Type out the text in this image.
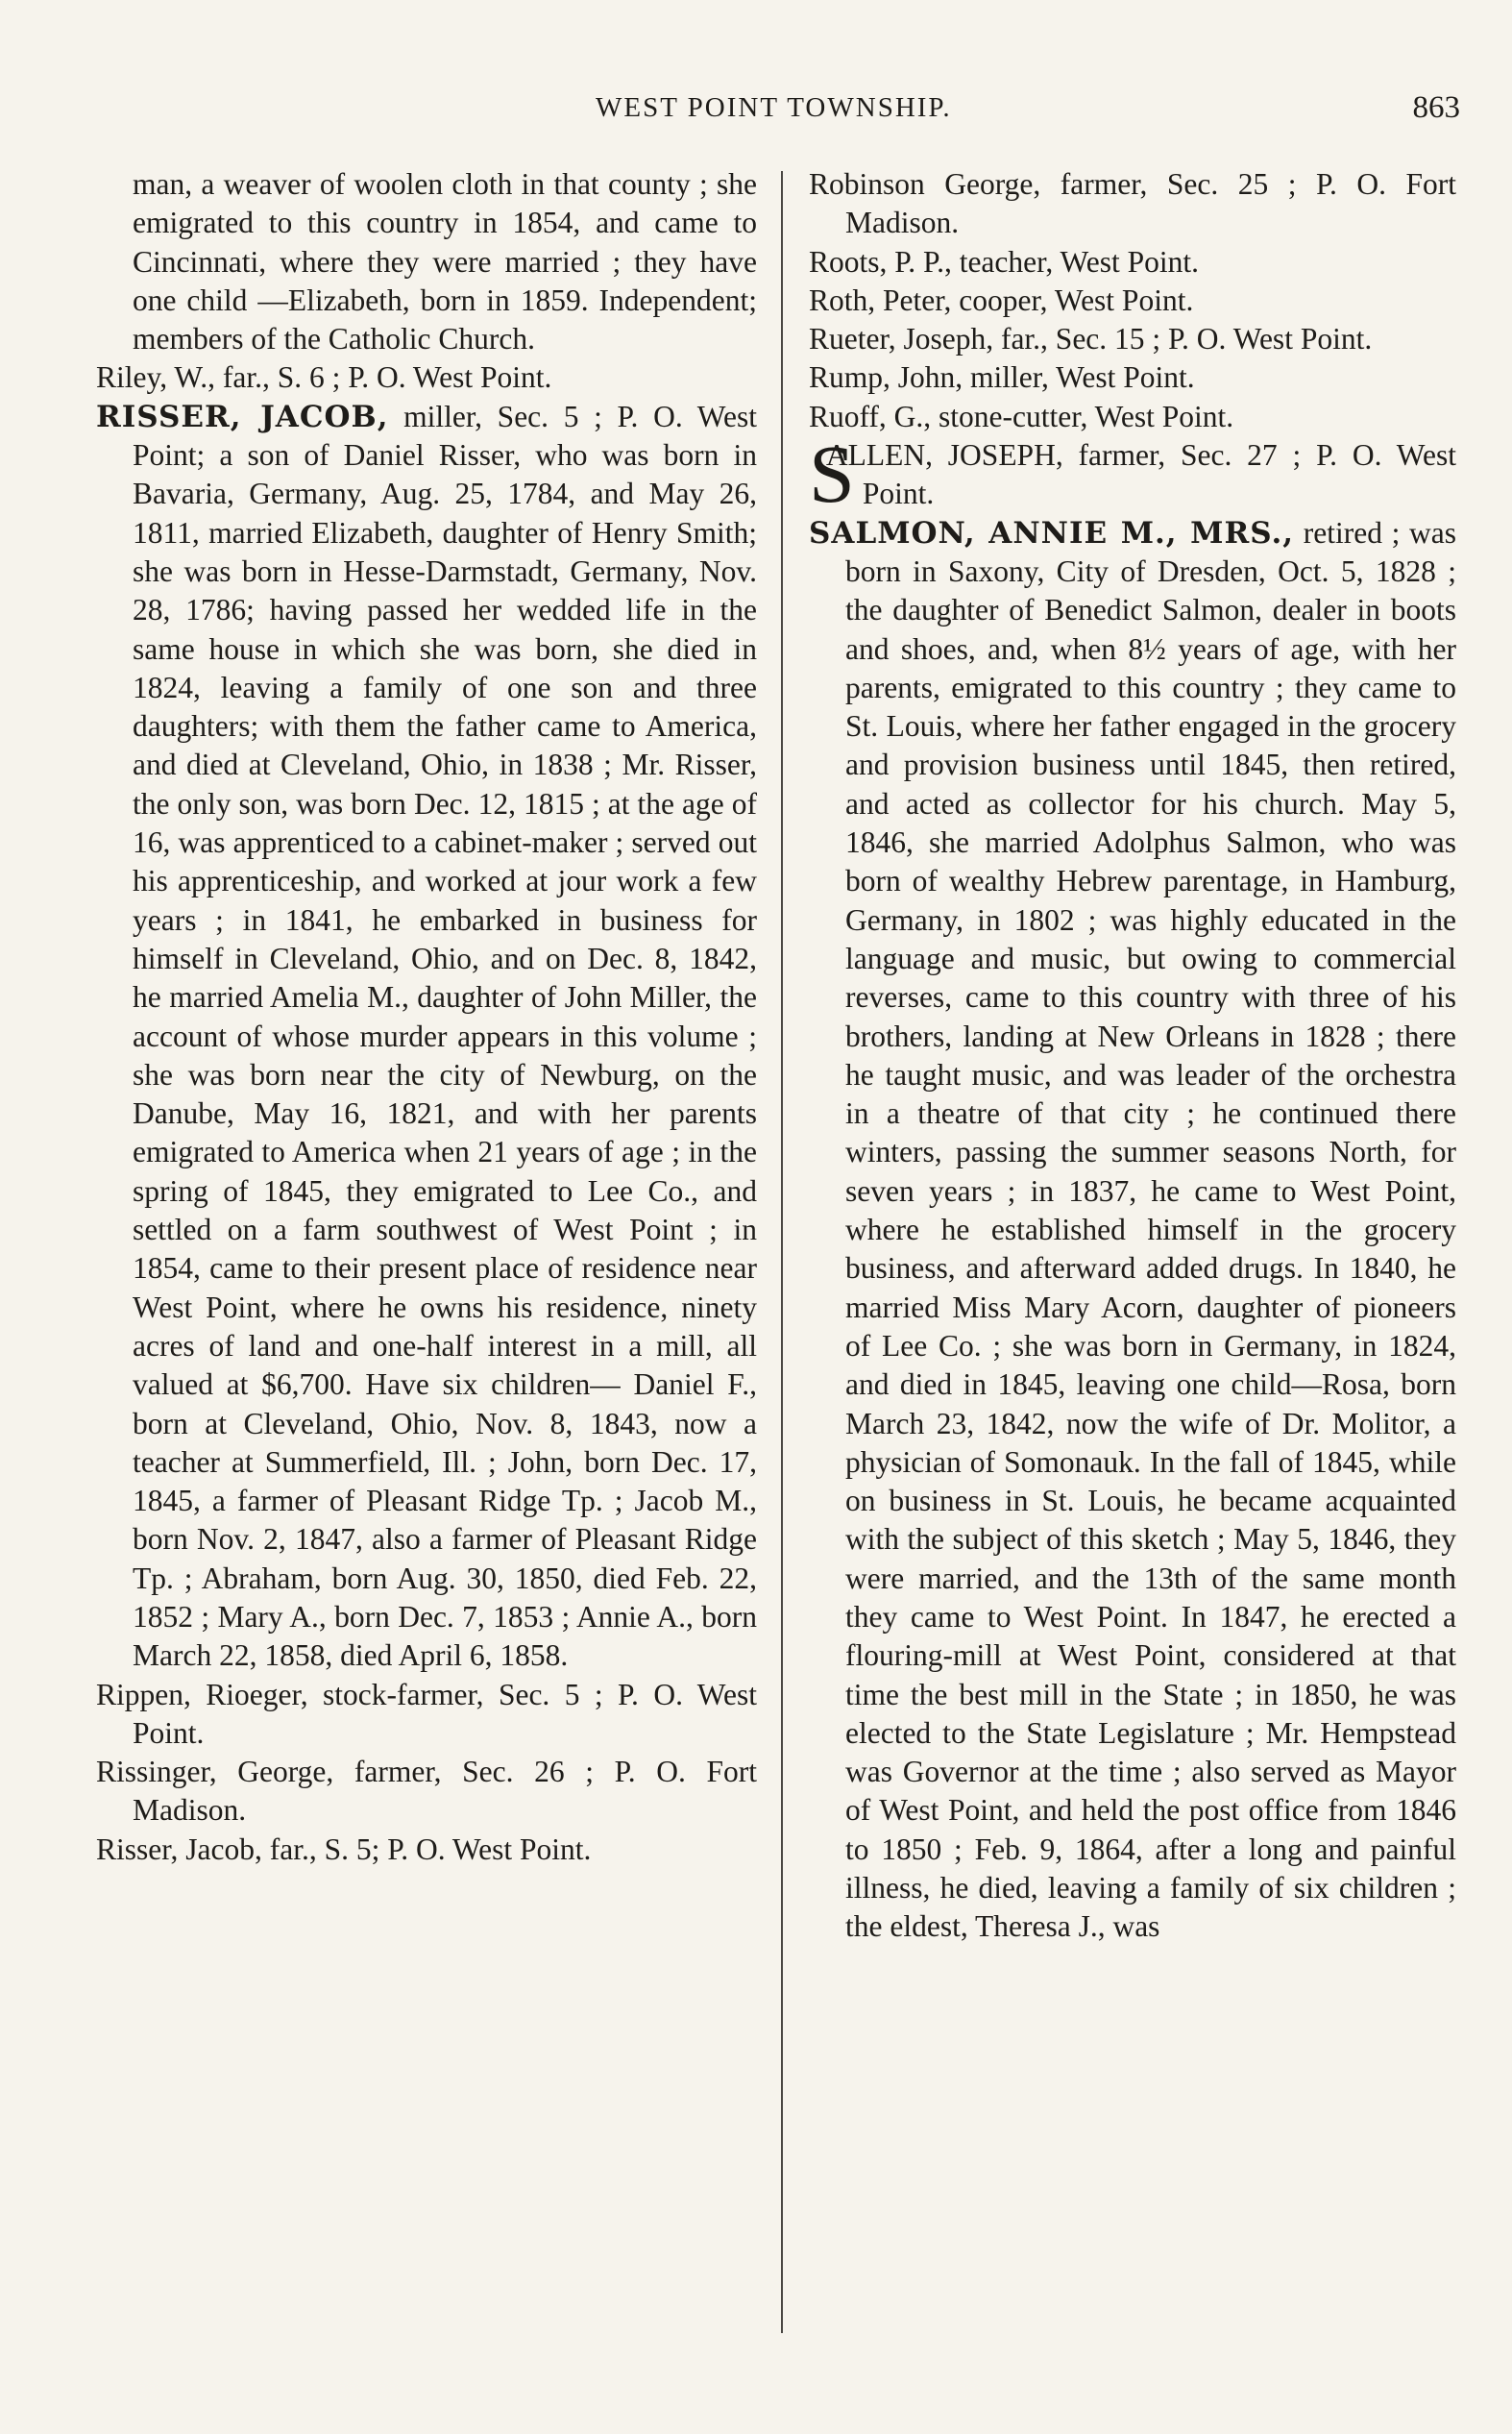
WEST POINT TOWNSHIP.	863

man, a weaver of woolen cloth in that county ; she emigrated to this country in 1854, and came to Cincinnati, where they were married ; they have one child —Elizabeth, born in 1859. Independent; members of the Catholic Church.

Riley, W., far., S. 6 ; P. O. West Point.

RISSER, JACOB, miller, Sec. 5 ; P. O. West Point; a son of Daniel Risser, who was born in Bavaria, Germany, Aug. 25, 1784, and May 26, 1811, married Elizabeth, daughter of Henry Smith; she was born in Hesse-Darmstadt, Germany, Nov. 28, 1786; having passed her wedded life in the same house in which she was born, she died in 1824, leaving a family of one son and three daughters; with them the father came to America, and died at Cleveland, Ohio, in 1838 ; Mr. Risser, the only son, was born Dec. 12, 1815 ; at the age of 16, was apprenticed to a cabinet-maker ; served out his apprenticeship, and worked at jour work a few years ; in 1841, he embarked in business for himself in Cleveland, Ohio, and on Dec. 8, 1842, he married Amelia M., daughter of John Miller, the account of whose murder appears in this volume ; she was born near the city of Newburg, on the Danube, May 16, 1821, and with her parents emigrated to America when 21 years of age ; in the spring of 1845, they emigrated to Lee Co., and settled on a farm southwest of West Point ; in 1854, came to their present place of residence near West Point, where he owns his residence, ninety acres of land and one-half interest in a mill, all valued at $6,700. Have six children— Daniel F., born at Cleveland, Ohio, Nov. 8, 1843, now a teacher at Summerfield, Ill. ; John, born Dec. 17, 1845, a farmer of Pleasant Ridge Tp. ; Jacob M., born Nov. 2, 1847, also a farmer of Pleasant Ridge Tp. ; Abraham, born Aug. 30, 1850, died Feb. 22, 1852 ; Mary A., born Dec. 7, 1853 ; Annie A., born March 22, 1858, died April 6, 1858.

Rippen, Rioeger, stock-farmer, Sec. 5 ; P. O. West Point.

Rissinger, George, farmer, Sec. 26 ; P. O. Fort Madison.

Risser, Jacob, far., S. 5; P. O. West Point.

Robinson George, farmer, Sec. 25 ; P. O. Fort Madison.

Roots, P. P., teacher, West Point.

Roth, Peter, cooper, West Point.

Rueter, Joseph, far., Sec. 15 ; P. O. West Point.

Rump, John, miller, West Point.

Ruoff, G., stone-cutter, West Point.

S
ALLEN, JOSEPH, farmer, Sec. 27 ; P. O. West Point.

SALMON, ANNIE M., MRS., retired ; was born in Saxony, City of Dresden, Oct. 5, 1828 ; the daughter of Benedict Salmon, dealer in boots and shoes, and, when 8½ years of age, with her parents, emigrated to this country ; they came to St. Louis, where her father engaged in the grocery and provision business until 1845, then retired, and acted as collector for his church. May 5, 1846, she married Adolphus Salmon, who was born of wealthy Hebrew parentage, in Hamburg, Germany, in 1802 ; was highly educated in the language and music, but owing to commercial reverses, came to this country with three of his brothers, landing at New Orleans in 1828 ; there he taught music, and was leader of the orchestra in a theatre of that city ; he continued there winters, passing the summer seasons North, for seven years ; in 1837, he came to West Point, where he established himself in the grocery business, and afterward added drugs. In 1840, he married Miss Mary Acorn, daughter of pioneers of Lee Co. ; she was born in Germany, in 1824, and died in 1845, leaving one child—Rosa, born March 23, 1842, now the wife of Dr. Molitor, a physician of Somonauk. In the fall of 1845, while on business in St. Louis, he became acquainted with the subject of this sketch ; May 5, 1846, they were married, and the 13th of the same month they came to West Point. In 1847, he erected a flouring-mill at West Point, considered at that time the best mill in the State ; in 1850, he was elected to the State Legislature ; Mr. Hempstead was Governor at the time ; also served as Mayor of West Point, and held the post office from 1846 to 1850 ; Feb. 9, 1864, after a long and painful illness, he died, leaving a family of six children ; the eldest, Theresa J., was
